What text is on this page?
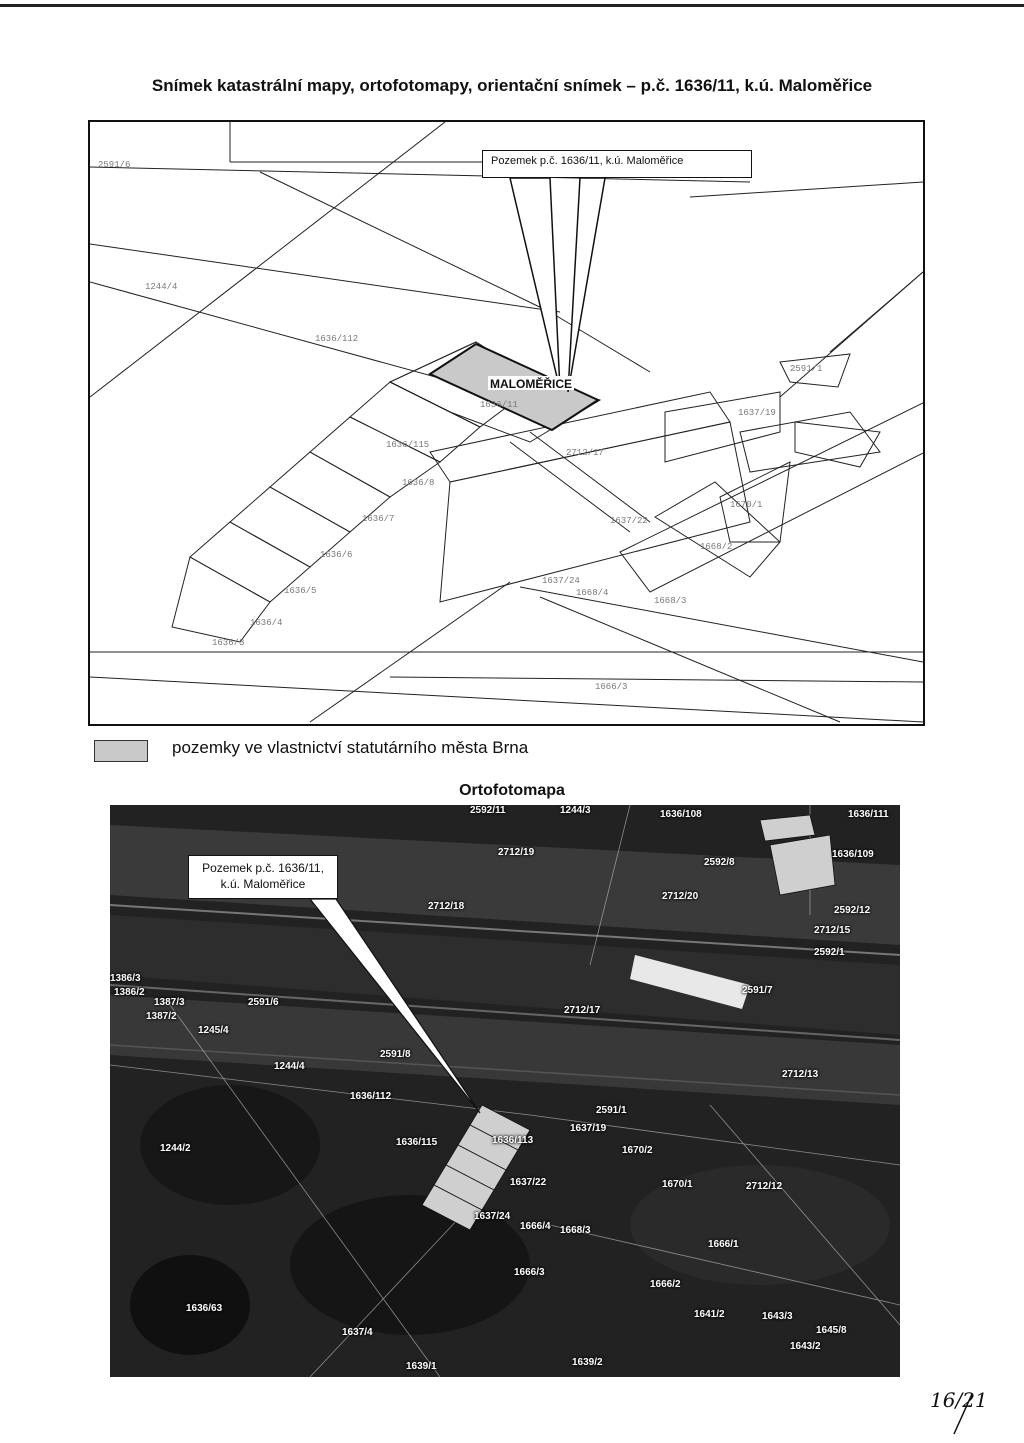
Snímek katastrální mapy, ortofotomapy, orientační snímek – p.č. 1636/11, k.ú. Maloměřice
MALOMĚŘICE
Pozemek p.č. 1636/11, k.ú. Maloměřice
2591/6
1244/4
1636/112
2591/1
1636/11
1636/115
1636/8
1636/7
1636/6
1636/5
1636/4
1636/3
1637/19
1637/22
1637/24
1668/4
1668/3
1666/3
1668/2
1670/1
2712/17
pozemky ve vlastnictví statutárního města Brna
Ortofotomapa
Pozemek p.č. 1636/11,
k.ú. Maloměřice
2592/11	1244/3	1636/108	1636/111
2712/19
2592/8
1636/109
2712/18
2712/20
2592/12
2712/15
2592/1
1386/3
1386/2
1387/3
1387/2
2591/6
1245/4
2712/17
2591/7
1244/4
2591/8
1636/112
2712/13
1244/2
1636/115	1636/113
2591/1
1637/19
1670/2
1670/1	2712/12
1637/22
1637/24
1666/4 1668/3
1666/1
1666/3
1636/63
1666/2
1641/2	1643/3
1637/4	1645/8
1643/2
1639/1	1639/2
16/21
